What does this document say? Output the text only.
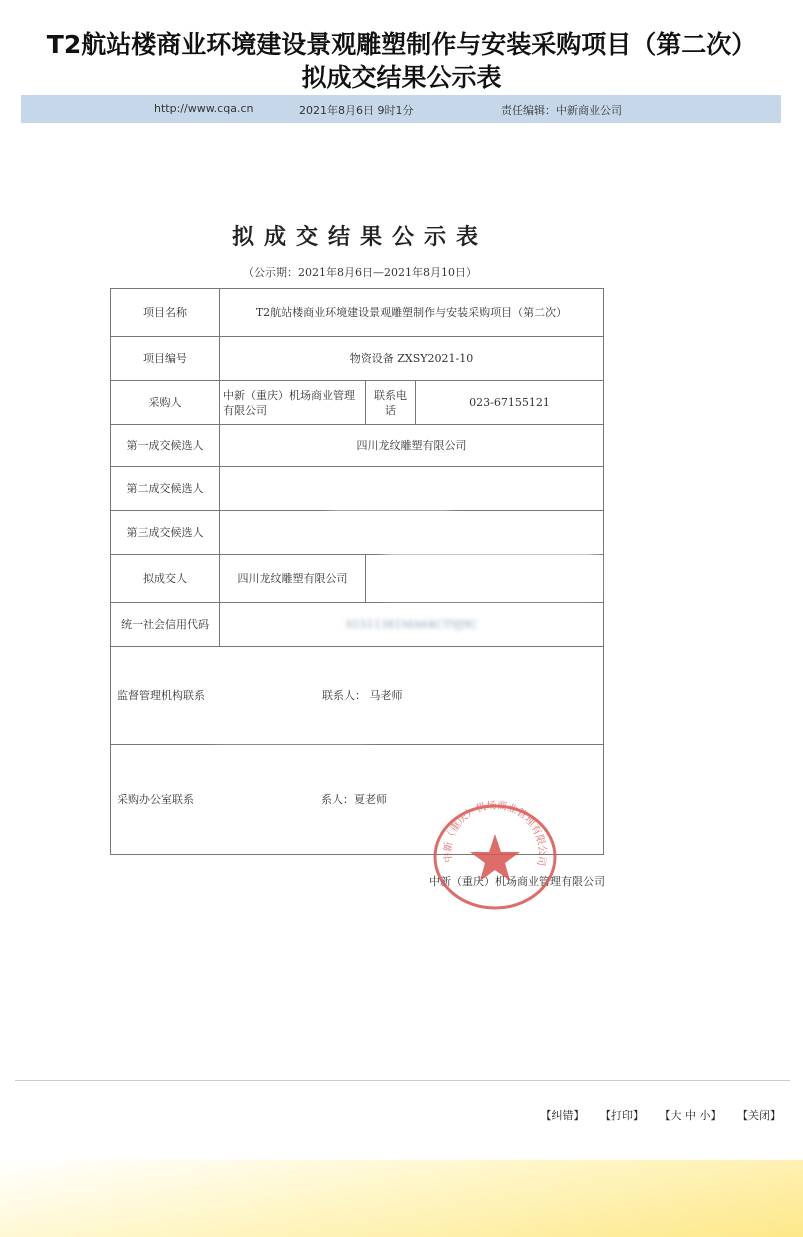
T2航站楼商业环境建设景观雕塑制作与安装采购项目（第二次）
拟成交结果公示表
http://www.cqa.cn	2021年8月6日 9时1分	责任编辑：中新商业公司
拟成交结果公示表
（公示期：2021年8月6日—2021年8月10日）
项目名称	T2航站楼商业环境建设景观雕塑制作与安装采购项目（第二次）		
项目编号	物资设备 ZXSY2021-10		
采购人	中新（重庆）机场商业管理有限公司	联系电话	023-67155121
第一成交候选人	四川龙纹雕塑有限公司		
第二成交候选人			
第三成交候选人			
拟成交人	四川龙纹雕塑有限公司		
统一社会信用代码	91511381MA64CT9J9C		
监督管理机构联系 联系人： 马老师			
采购办公室联系 系人：夏老师			
中新（重庆）机场商业管理有限公司
中新（重庆）机场商业管理有限公司
【纠错】 【打印】 【大 中 小】 【关闭】
